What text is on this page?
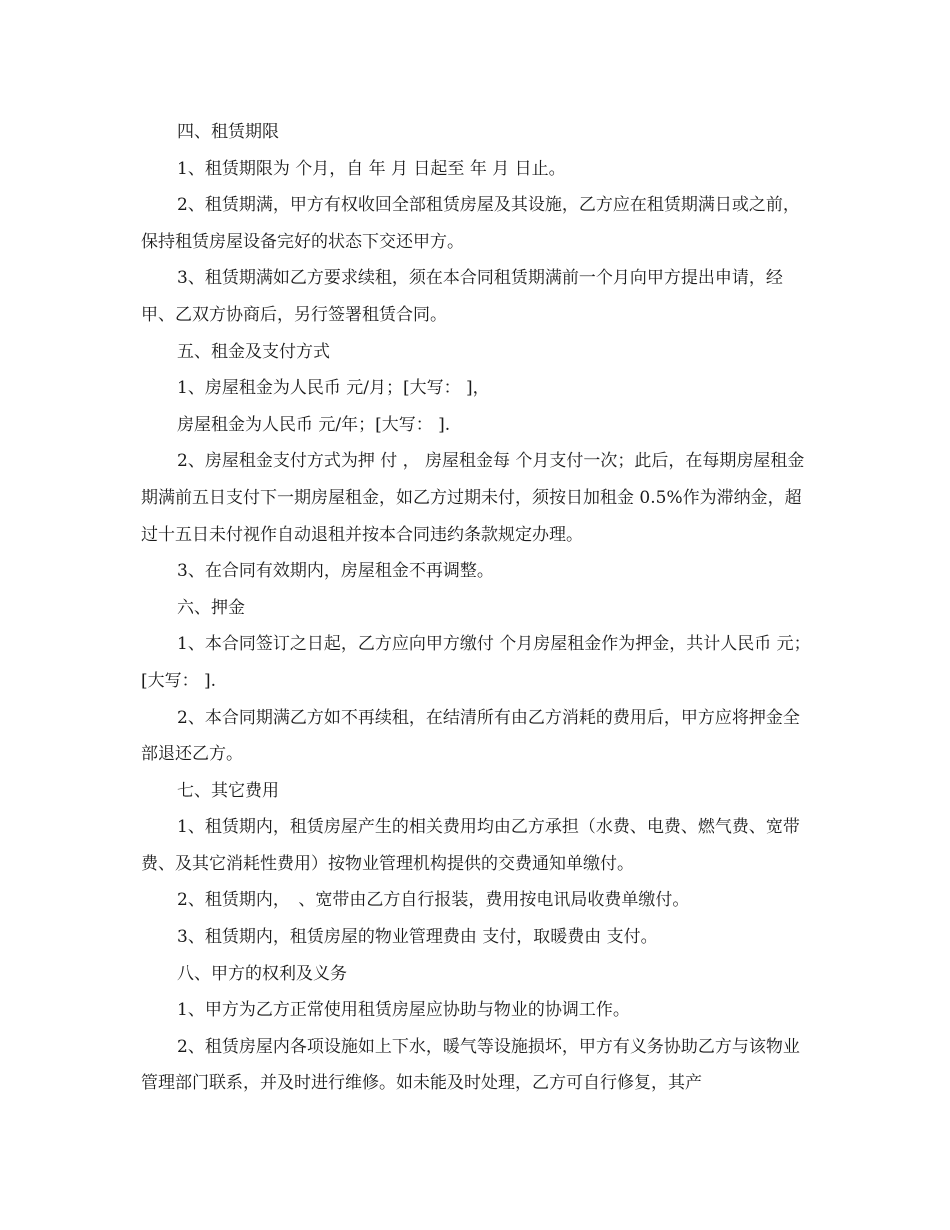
四、租赁期限

1、租赁期限为 个月，自 年 月 日起至 年 月 日止。

2、租赁期满，甲方有权收回全部租赁房屋及其设施，乙方应在租赁期满日或之前，保持租赁房屋设备完好的状态下交还甲方。

3、租赁期满如乙方要求续租，须在本合同租赁期满前一个月向甲方提出申请，经甲、乙双方协商后，另行签署租赁合同。

五、租金及支付方式

1、房屋租金为人民币 元/月；[大写： ]，

房屋租金为人民币 元/年；[大写： ].

2、房屋租金支付方式为押 付 ， 房屋租金每 个月支付一次；此后，在每期房屋租金期满前五日支付下一期房屋租金，如乙方过期未付，须按日加租金 0.5%作为滞纳金，超过十五日未付视作自动退租并按本合同违约条款规定办理。

3、在合同有效期内，房屋租金不再调整。

六、押金

1、本合同签订之日起，乙方应向甲方缴付 个月房屋租金作为押金，共计人民币 元；[大写： ].

2、本合同期满乙方如不再续租，在结清所有由乙方消耗的费用后，甲方应将押金全部退还乙方。

七、其它费用

1、租赁期内，租赁房屋产生的相关费用均由乙方承担（水费、电费、燃气费、宽带费、及其它消耗性费用）按物业管理机构提供的交费通知单缴付。

2、租赁期内，　、宽带由乙方自行报装，费用按电讯局收费单缴付。

3、租赁期内，租赁房屋的物业管理费由 支付，取暖费由 支付。

八、甲方的权利及义务

1、甲方为乙方正常使用租赁房屋应协助与物业的协调工作。

2、租赁房屋内各项设施如上下水，暖气等设施损坏，甲方有义务协助乙方与该物业管理部门联系，并及时进行维修。如未能及时处理，乙方可自行修复，其产
